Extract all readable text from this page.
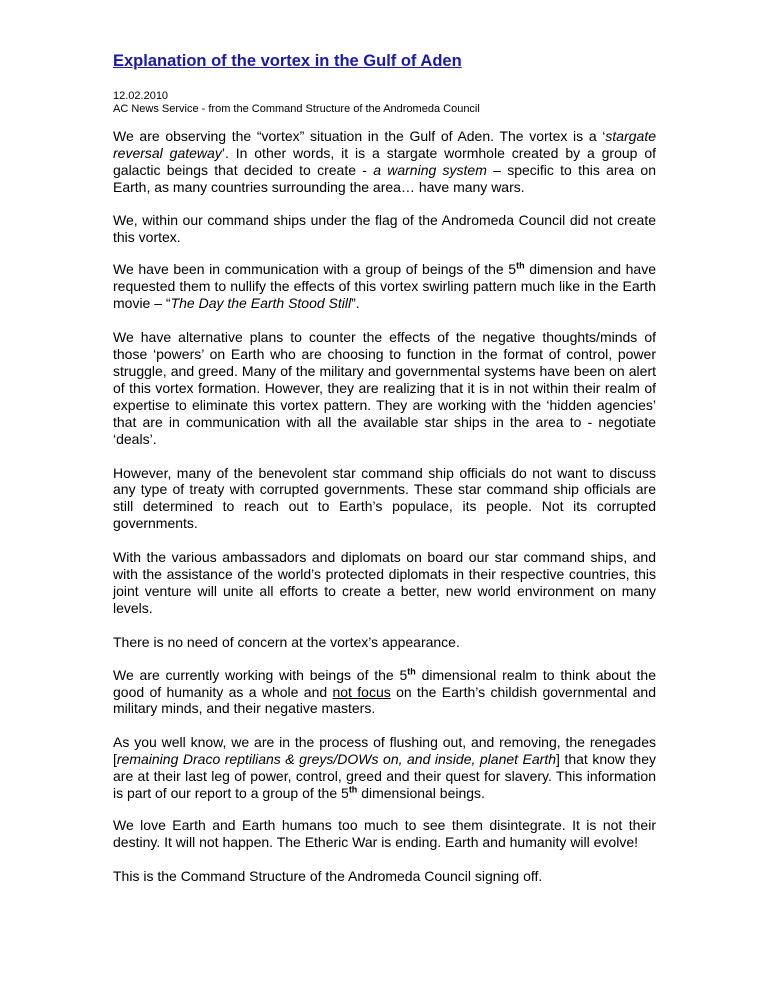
Explanation of the vortex in the Gulf of Aden
12.02.2010
AC News Service - from the Command Structure of the Andromeda Council

We are observing the “vortex” situation in the Gulf of Aden. The vortex is a ‘stargate reversal gateway’. In other words, it is a stargate wormhole created by a group of galactic beings that decided to create - a warning system – specific to this area on Earth, as many countries surrounding the area… have many wars.

We, within our command ships under the flag of the Andromeda Council did not create this vortex.

We have been in communication with a group of beings of the 5th dimension and have requested them to nullify the effects of this vortex swirling pattern much like in the Earth movie – “The Day the Earth Stood Still”.

We have alternative plans to counter the effects of the negative thoughts/minds of those ‘powers’ on Earth who are choosing to function in the format of control, power struggle, and greed. Many of the military and governmental systems have been on alert of this vortex formation. However, they are realizing that it is in not within their realm of expertise to eliminate this vortex pattern. They are working with the ‘hidden agencies’ that are in communication with all the available star ships in the area to - negotiate ‘deals’.

However, many of the benevolent star command ship officials do not want to discuss any type of treaty with corrupted governments. These star command ship officials are still determined to reach out to Earth’s populace, its people. Not its corrupted governments.

With the various ambassadors and diplomats on board our star command ships, and with the assistance of the world’s protected diplomats in their respective countries, this joint venture will unite all efforts to create a better, new world environment on many levels.

There is no need of concern at the vortex’s appearance.

We are currently working with beings of the 5th dimensional realm to think about the good of humanity as a whole and not focus on the Earth’s childish governmental and military minds, and their negative masters.

As you well know, we are in the process of flushing out, and removing, the renegades [remaining Draco reptilians & greys/DOWs on, and inside, planet Earth] that know they are at their last leg of power, control, greed and their quest for slavery. This information is part of our report to a group of the 5th dimensional beings.

We love Earth and Earth humans too much to see them disintegrate. It is not their destiny. It will not happen. The Etheric War is ending. Earth and humanity will evolve!

This is the Command Structure of the Andromeda Council signing off.
